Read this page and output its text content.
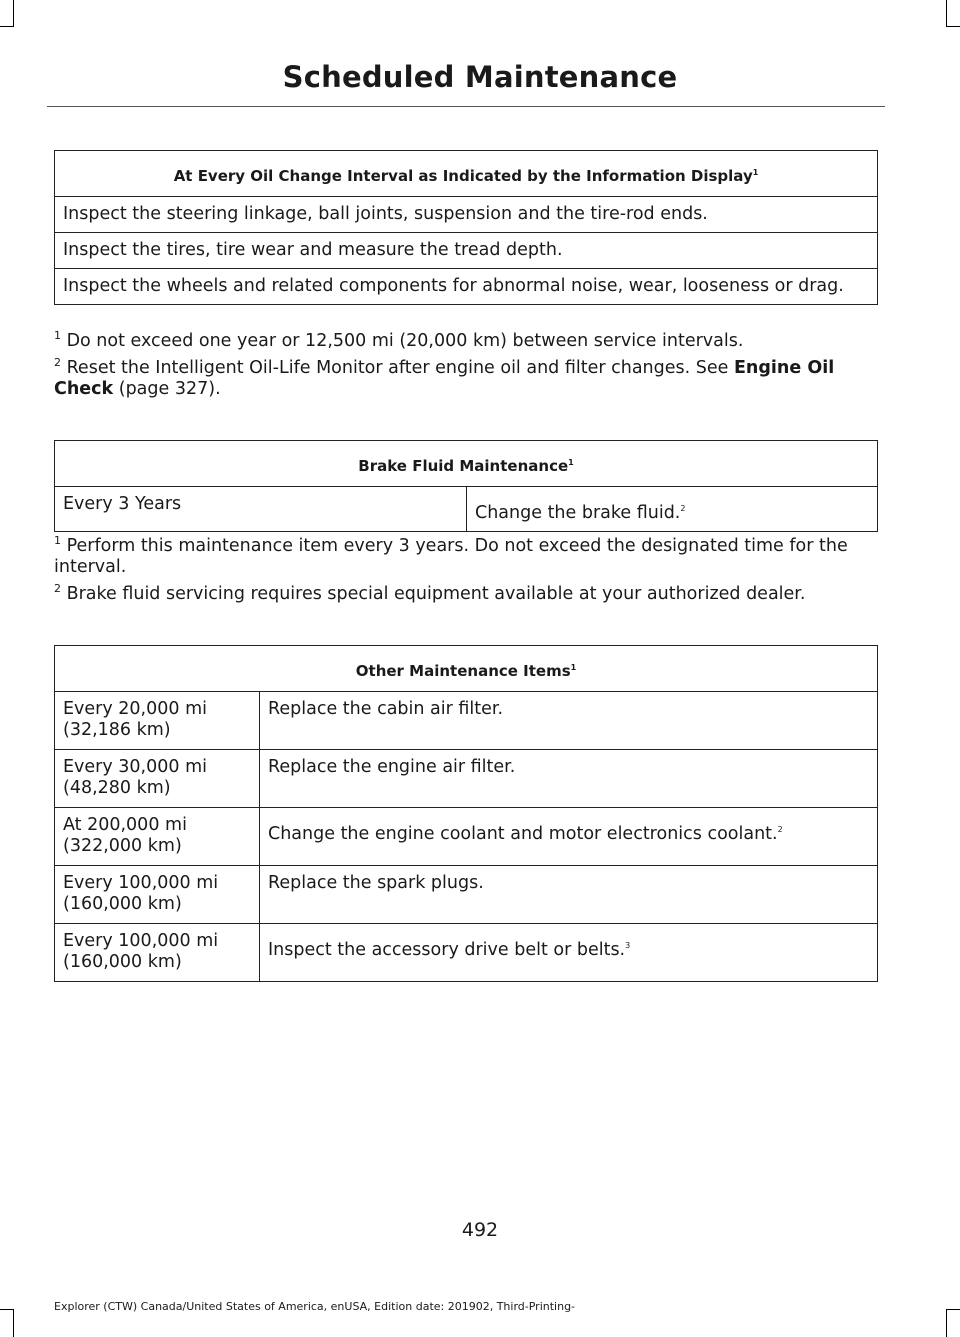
Scheduled Maintenance
At Every Oil Change Interval as Indicated by the Information Display$^1$
Inspect the steering linkage, ball joints, suspension and the tire-rod ends.
Inspect the tires, tire wear and measure the tread depth.
Inspect the wheels and related components for abnormal noise, wear, looseness or drag.

$^1$ Do not exceed one year or 12,500 mi (20,000 km) between service intervals.

$^2$ Reset the Intelligent Oil-Life Monitor after engine oil and filter changes. See Engine Oil Check (page 327).

Brake Fluid Maintenance$^1$
Every 3 Years	Change the brake fluid.$^2$

$^1$ Perform this maintenance item every 3 years. Do not exceed the designated time for the interval.

$^2$ Brake fluid servicing requires special equipment available at your authorized dealer.

Other Maintenance Items$^1$
Every 20,000 mi
(32,186 km)	Replace the cabin air filter.
Every 30,000 mi
(48,280 km)	Replace the engine air filter.
At 200,000 mi
(322,000 km)	Change the engine coolant and motor electronics coolant.$^2$
Every 100,000 mi
(160,000 km)	Replace the spark plugs.
Every 100,000 mi
(160,000 km)	Inspect the accessory drive belt or belts.$^3$
492
Explorer (CTW) Canada/United States of America, enUSA, Edition date: 201902, Third-Printing-
